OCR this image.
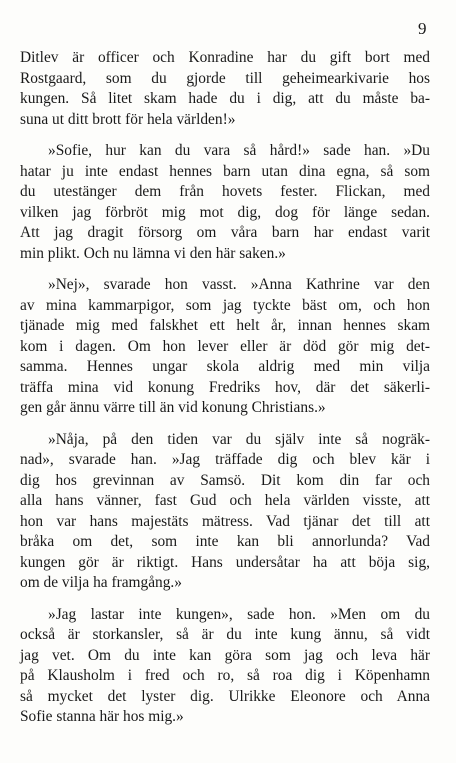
9
Ditlev är officer och Konradine har du gift bort med
Rostgaard, som du gjorde till geheimearkivarie hos
kungen. Så litet skam hade du i dig, att du måste ba-
suna ut ditt brott för hela världen!»
»Sofie, hur kan du vara så hård!» sade han. »Du
hatar ju inte endast hennes barn utan dina egna, så som
du utestänger dem från hovets fester. Flickan, med
vilken jag förbröt mig mot dig, dog för länge sedan.
Att jag dragit försorg om våra barn har endast varit
min plikt. Och nu lämna vi den här saken.»
»Nej», svarade hon vasst. »Anna Kathrine var den
av mina kammarpigor, som jag tyckte bäst om, och hon
tjänade mig med falskhet ett helt år, innan hennes skam
kom i dagen. Om hon lever eller är död gör mig det-
samma. Hennes ungar skola aldrig med min vilja
träffa mina vid konung Fredriks hov, där det säkerli-
gen går ännu värre till än vid konung Christians.»
»Nåja, på den tiden var du själv inte så nogräk-
nad», svarade han. »Jag träffade dig och blev kär i
dig hos grevinnan av Samsö. Dit kom din far och
alla hans vänner, fast Gud och hela världen visste, att
hon var hans majestäts mätress. Vad tjänar det till att
bråka om det, som inte kan bli annorlunda? Vad
kungen gör är riktigt. Hans undersåtar ha att böja sig,
om de vilja ha framgång.»
»Jag lastar inte kungen», sade hon. »Men om du
också är storkansler, så är du inte kung ännu, så vidt
jag vet. Om du inte kan göra som jag och leva här
på Klausholm i fred och ro, så roa dig i Köpenhamn
så mycket det lyster dig. Ulrikke Eleonore och Anna
Sofie stanna här hos mig.»
